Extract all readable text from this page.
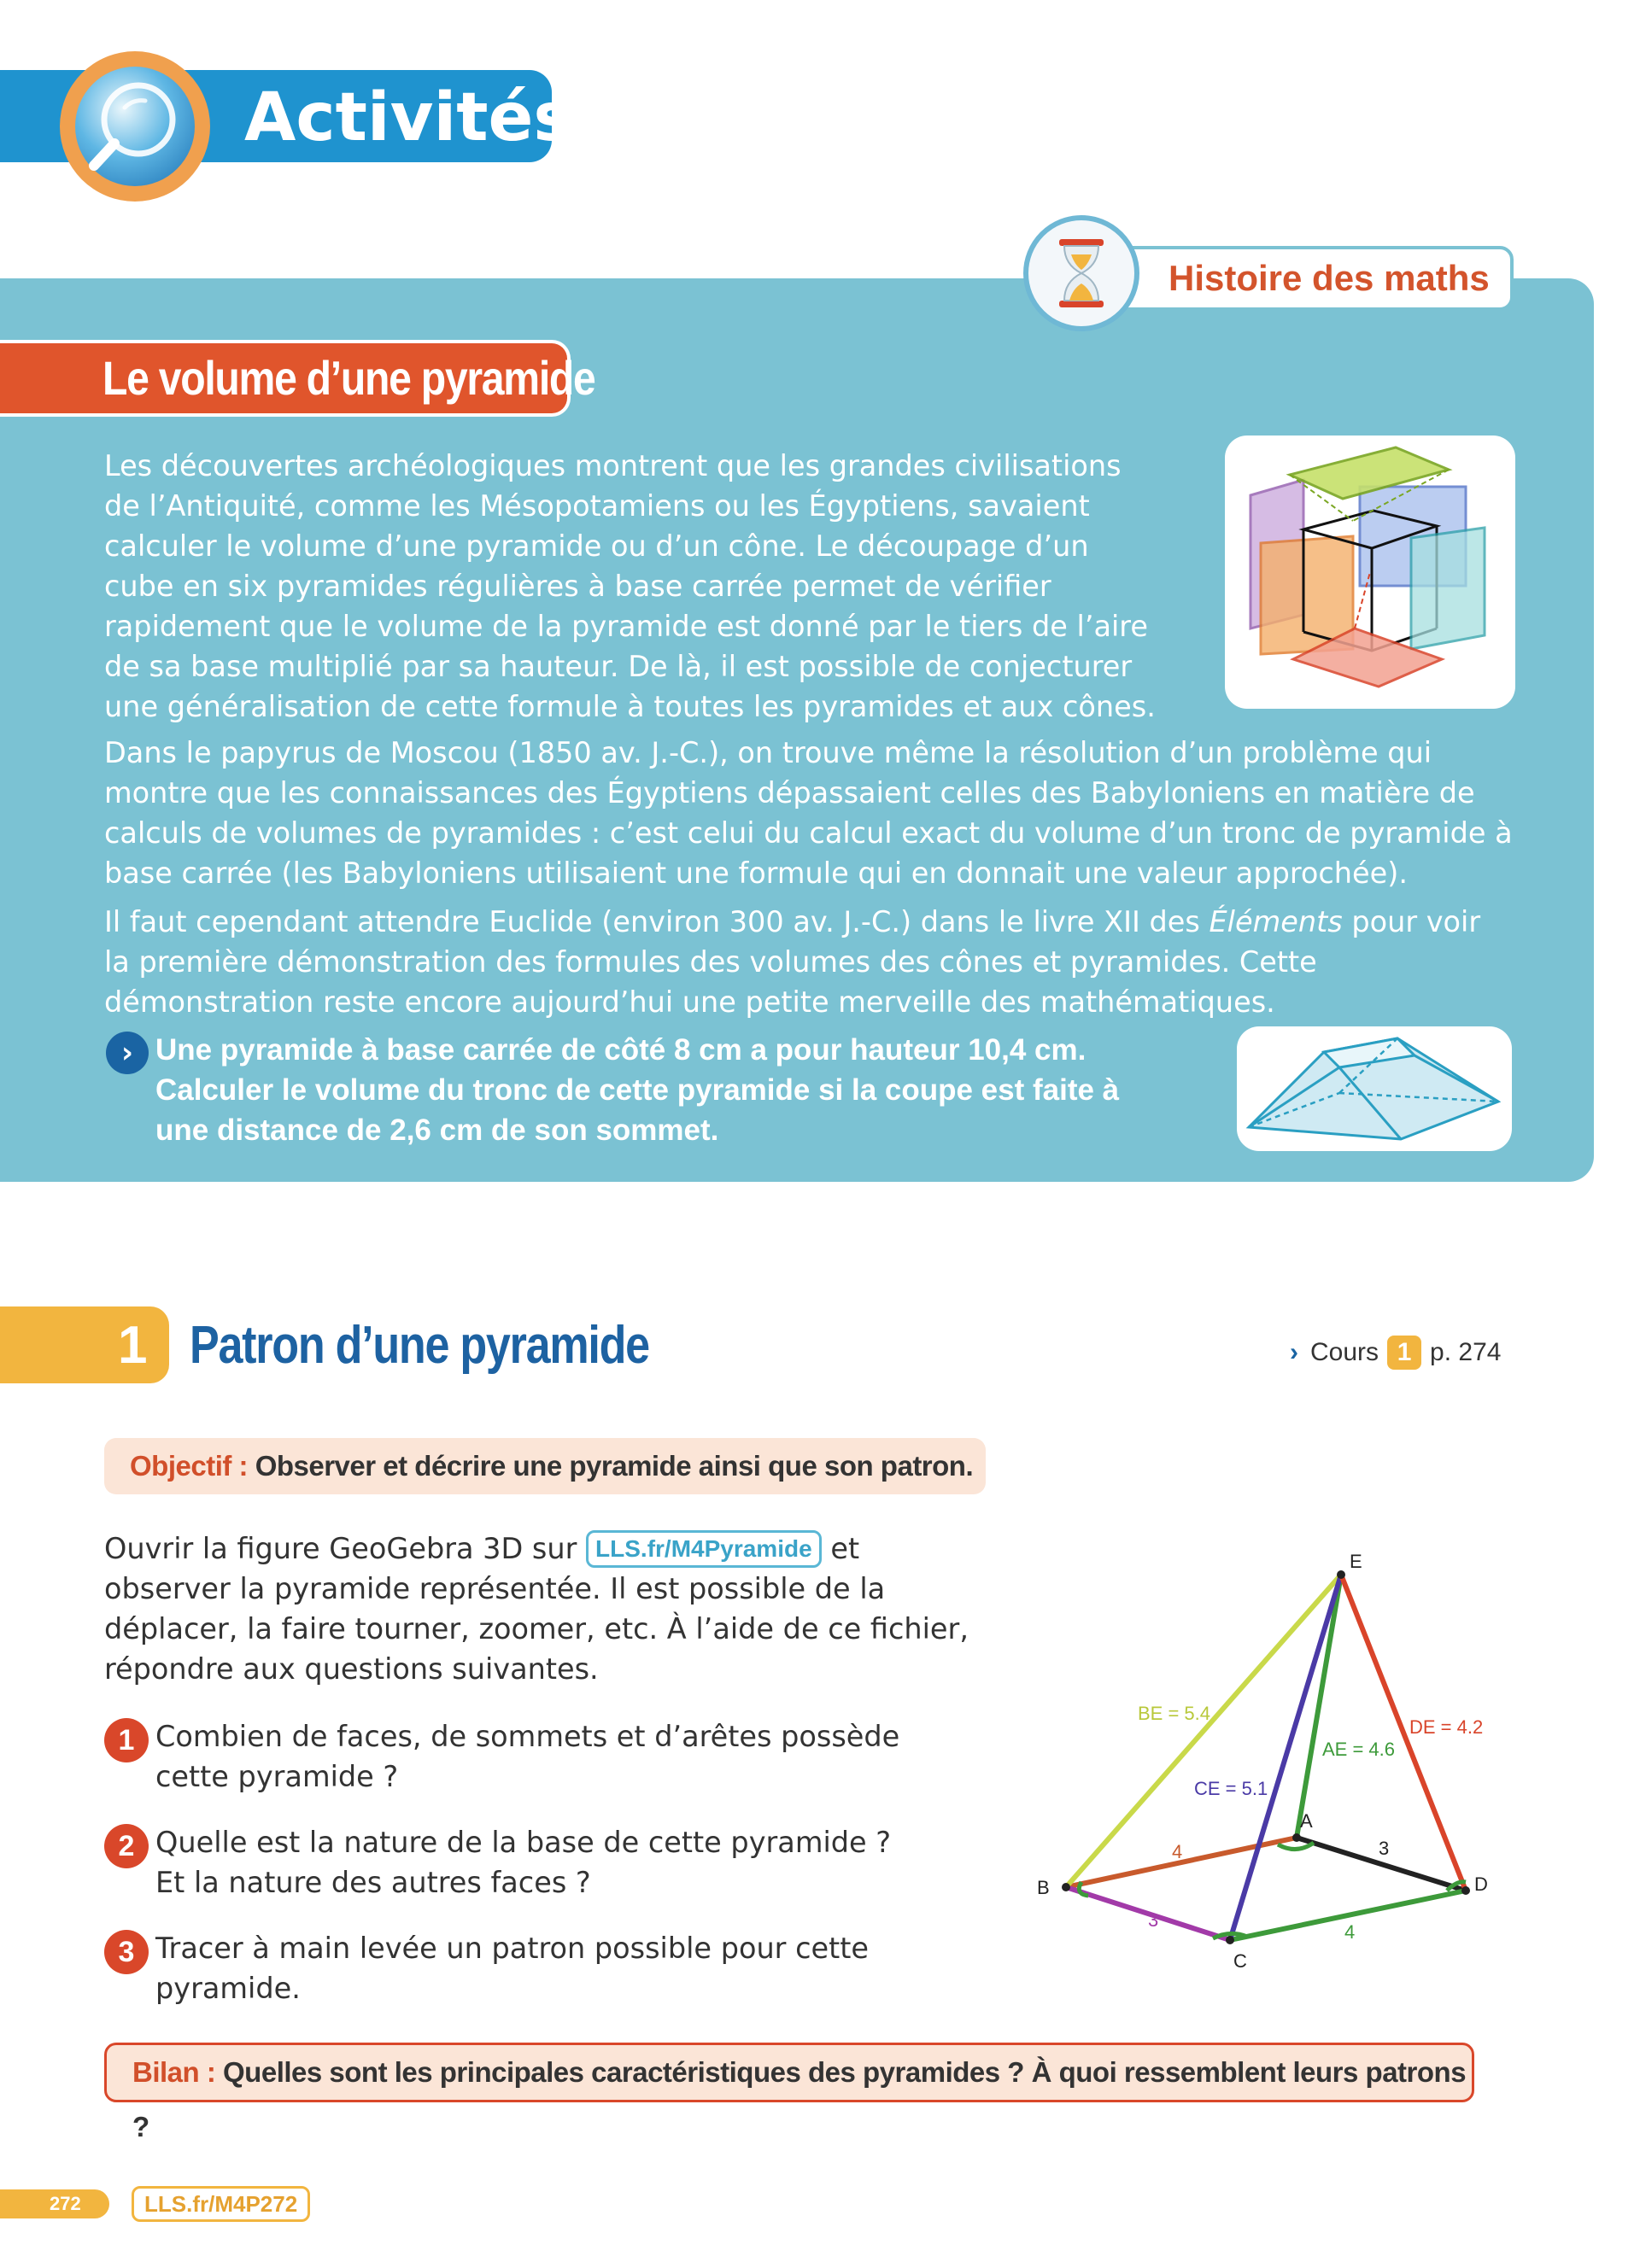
Activités
Histoire des maths
Le volume d’une pyramide
Les découvertes archéologiques montrent que les grandes civilisations de l’Antiquité, comme les Mésopotamiens ou les Égyptiens, savaient calculer le volume d’une pyramide ou d’un cône. Le découpage d’un cube en six pyramides régulières à base carrée permet de vérifier rapidement que le volume de la pyramide est donné par le tiers de l’aire de sa base multiplié par sa hauteur. De là, il est possible de conjecturer une généralisation de cette formule à toutes les pyramides et aux cônes.
Dans le papyrus de Moscou (1850 av. J.-C.), on trouve même la résolution d’un problème qui montre que les connaissances des Égyptiens dépassaient celles des Babyloniens en matière de calculs de volumes de pyramides : c’est celui du calcul exact du volume d’un tronc de pyramide à base carrée (les Babyloniens utilisaient une formule qui en donnait une valeur approchée).
Il faut cependant attendre Euclide (environ 300 av. J.-C.) dans le livre XII des Éléments pour voir la première démonstration des formules des volumes des cônes et pyramides. Cette démonstration reste encore aujourd’hui une petite merveille des mathématiques.
› Une pyramide à base carrée de côté 8 cm a pour hauteur 10,4 cm. Calculer le volume du tronc de cette pyramide si la coupe est faite à une distance de 2,6 cm de son sommet.
1 Patron d’une pyramide	› Cours 1 p. 274
Objectif : Observer et décrire une pyramide ainsi que son patron.
Ouvrir la figure GeoGebra 3D sur LLS.fr/M4Pyramide et observer la pyramide représentée. Il est possible de la déplacer, la faire tourner, zoomer, etc. À l’aide de ce fichier, répondre aux questions suivantes.
1 Combien de faces, de sommets et d’arêtes possède cette pyramide ?
2 Quelle est la nature de la base de cette pyramide ?
Et la nature des autres faces ?
3 Tracer à main levée un patron possible pour cette pyramide.
B
A
C
D
E
BE = 5.4
AE = 4.6
CE = 5.1
DE = 4.2
4	3
3
4
Bilan : Quelles sont les principales caractéristiques des pyramides ? À quoi ressemblent leurs patrons ?
272	LLS.fr/M4P272
